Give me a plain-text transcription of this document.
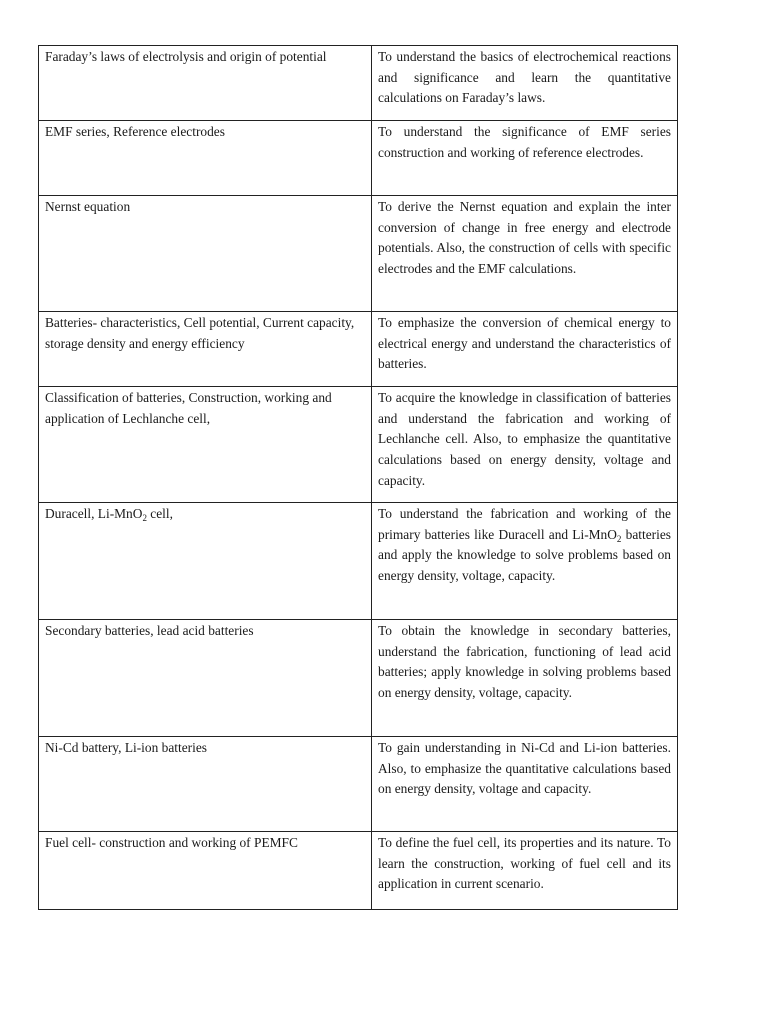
Faraday’s laws of electrolysis and origin of potential	To understand the basics of electrochemical reactions and significance and learn the quantitative calculations on Faraday’s laws.

EMF series, Reference electrodes	To understand the significance of EMF series construction and working of reference electrodes.

Nernst equation	To derive the Nernst equation and explain the inter conversion of change in free energy and electrode potentials. Also, the construction of cells with specific electrodes and the EMF calculations.

Batteries- characteristics, Cell potential, Current capacity, storage density and energy efficiency	To emphasize the conversion of chemical energy to electrical energy and understand the characteristics of batteries.

Classification of batteries, Construction, working and application of Lechlanche cell,	To acquire the knowledge in classification of batteries and understand the fabrication and working of Lechlanche cell. Also, to emphasize the quantitative calculations based on energy density, voltage and capacity.

Duracell, Li-MnO$_2$ cell,	To understand the fabrication and working of the primary batteries like Duracell and Li-MnO$_2$ batteries and apply the knowledge to solve problems based on energy density, voltage, capacity.

Secondary batteries, lead acid batteries	To obtain the knowledge in secondary batteries, understand the fabrication, functioning of lead acid batteries; apply knowledge in solving problems based on energy density, voltage, capacity.

Ni-Cd battery, Li-ion batteries	To gain understanding in Ni-Cd and Li-ion batteries. Also, to emphasize the quantitative calculations based on energy density, voltage and capacity.

Fuel cell- construction and working of PEMFC	To define the fuel cell, its properties and its nature. To learn the construction, working of fuel cell and its application in current scenario.
